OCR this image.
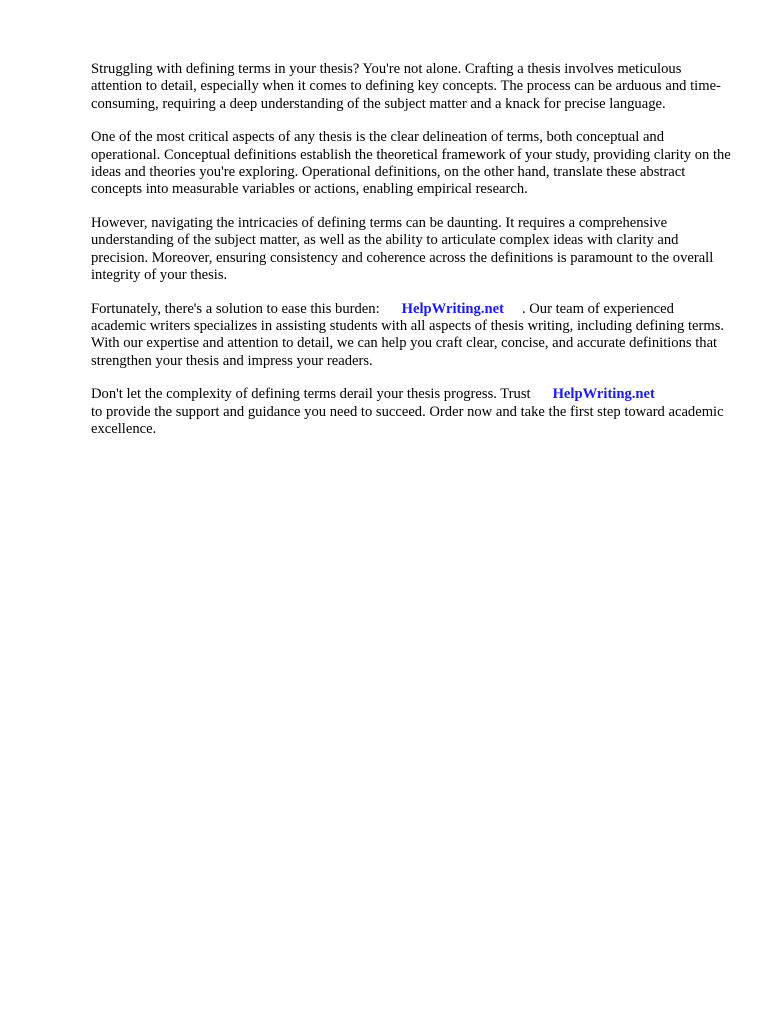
Struggling with defining terms in your thesis? You're not alone. Crafting a thesis involves meticulous attention to detail, especially when it comes to defining key concepts. The process can be arduous and time-consuming, requiring a deep understanding of the subject matter and a knack for precise language.

One of the most critical aspects of any thesis is the clear delineation of terms, both conceptual and operational. Conceptual definitions establish the theoretical framework of your study, providing clarity on the ideas and theories you're exploring. Operational definitions, on the other hand, translate these abstract concepts into measurable variables or actions, enabling empirical research.

However, navigating the intricacies of defining terms can be daunting. It requires a comprehensive understanding of the subject matter, as well as the ability to articulate complex ideas with clarity and precision. Moreover, ensuring consistency and coherence across the definitions is paramount to the overall integrity of your thesis.

Fortunately, there's a solution to ease this burden: HelpWriting.net . Our team of experienced academic writers specializes in assisting students with all aspects of thesis writing, including defining terms. With our expertise and attention to detail, we can help you craft clear, concise, and accurate definitions that strengthen your thesis and impress your readers.

Don't let the complexity of defining terms derail your thesis progress. Trust HelpWriting.net
to provide the support and guidance you need to succeed. Order now and take the first step toward academic excellence.
